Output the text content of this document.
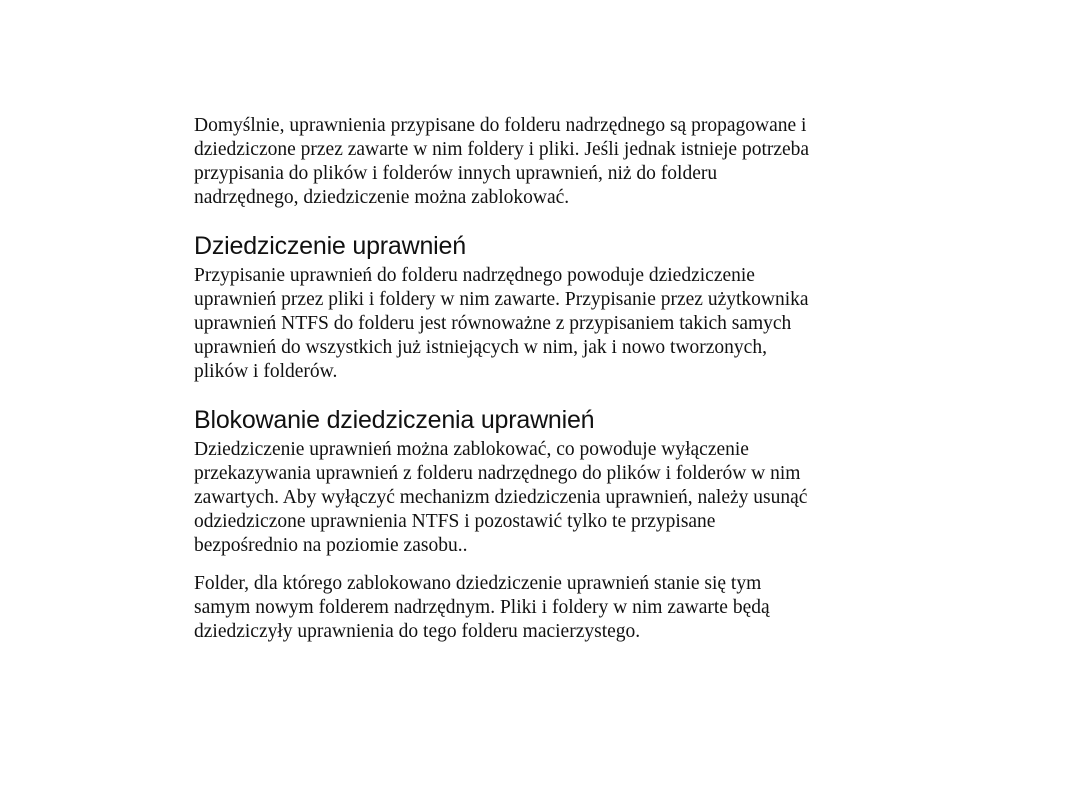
Domyślnie, uprawnienia przypisane do folderu nadrzędnego są propagowane i
dziedziczone przez zawarte w nim foldery i pliki. Jeśli jednak istnieje potrzeba
przypisania do plików i folderów innych uprawnień, niż do folderu
nadrzędnego, dziedziczenie można zablokować.

Dziedziczenie uprawnień

Przypisanie uprawnień do folderu nadrzędnego powoduje dziedziczenie
uprawnień przez pliki i foldery w nim zawarte. Przypisanie przez użytkownika
uprawnień NTFS do folderu jest równoważne z przypisaniem takich samych
uprawnień do wszystkich już istniejących w nim, jak i nowo tworzonych,
plików i folderów.

Blokowanie dziedziczenia uprawnień

Dziedziczenie uprawnień można zablokować, co powoduje wyłączenie
przekazywania uprawnień z folderu nadrzędnego do plików i folderów w nim
zawartych. Aby wyłączyć mechanizm dziedziczenia uprawnień, należy usunąć
odziedziczone uprawnienia NTFS i pozostawić tylko te przypisane
bezpośrednio na poziomie zasobu..

Folder, dla którego zablokowano dziedziczenie uprawnień stanie się tym
samym nowym folderem nadrzędnym. Pliki i foldery w nim zawarte będą
dziedziczyły uprawnienia do tego folderu macierzystego.
